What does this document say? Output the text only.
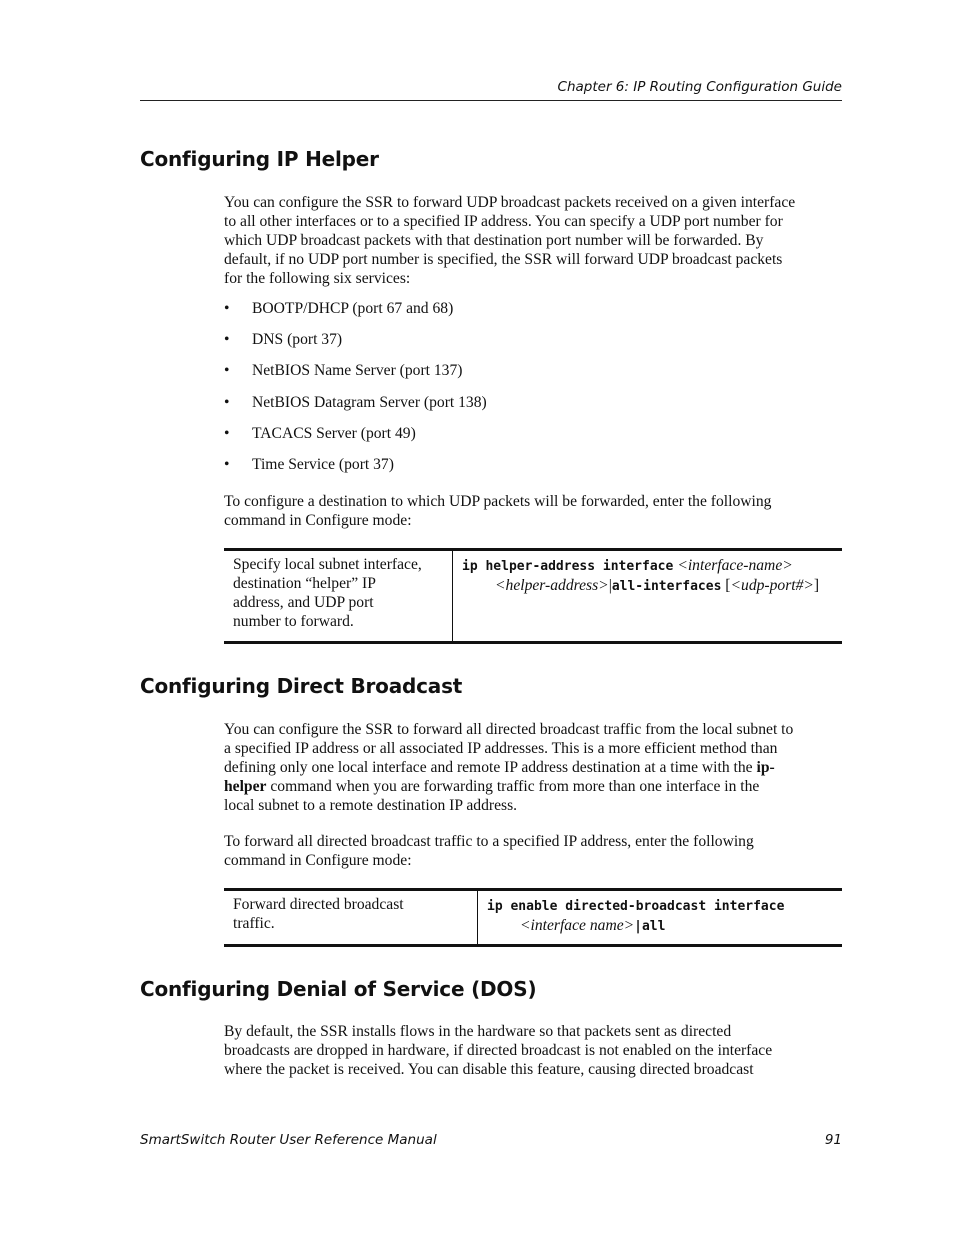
Chapter 6: IP Routing Configuration Guide
Configuring IP Helper
You can configure the SSR to forward UDP broadcast packets received on a given interface
to all other interfaces or to a specified IP address. You can specify a UDP port number for
which UDP broadcast packets with that destination port number will be forwarded. By
default, if no UDP port number is specified, the SSR will forward UDP broadcast packets
for the following six services:
• BOOTP/DHCP (port 67 and 68)
• DNS (port 37)
• NetBIOS Name Server (port 137)
• NetBIOS Datagram Server (port 138)
• TACACS Server (port 49)
• Time Service (port 37)
To configure a destination to which UDP packets will be forwarded, enter the following
command in Configure mode:
Specify local subnet interface,
destination “helper” IP
address, and UDP port
number to forward.
ip helper-address interface <interface-name>
<helper-address>|all-interfaces [<udp-port#>]
Configuring Direct Broadcast
You can configure the SSR to forward all directed broadcast traffic from the local subnet to
a specified IP address or all associated IP addresses. This is a more efficient method than
defining only one local interface and remote IP address destination at a time with the ip-
helper command when you are forwarding traffic from more than one interface in the
local subnet to a remote destination IP address.
To forward all directed broadcast traffic to a specified IP address, enter the following
command in Configure mode:
Forward directed broadcast
traffic.
ip enable directed-broadcast interface
<interface name>|all
Configuring Denial of Service (DOS)
By default, the SSR installs flows in the hardware so that packets sent as directed
broadcasts are dropped in hardware, if directed broadcast is not enabled on the interface
where the packet is received. You can disable this feature, causing directed broadcast
SmartSwitch Router User Reference Manual	91
